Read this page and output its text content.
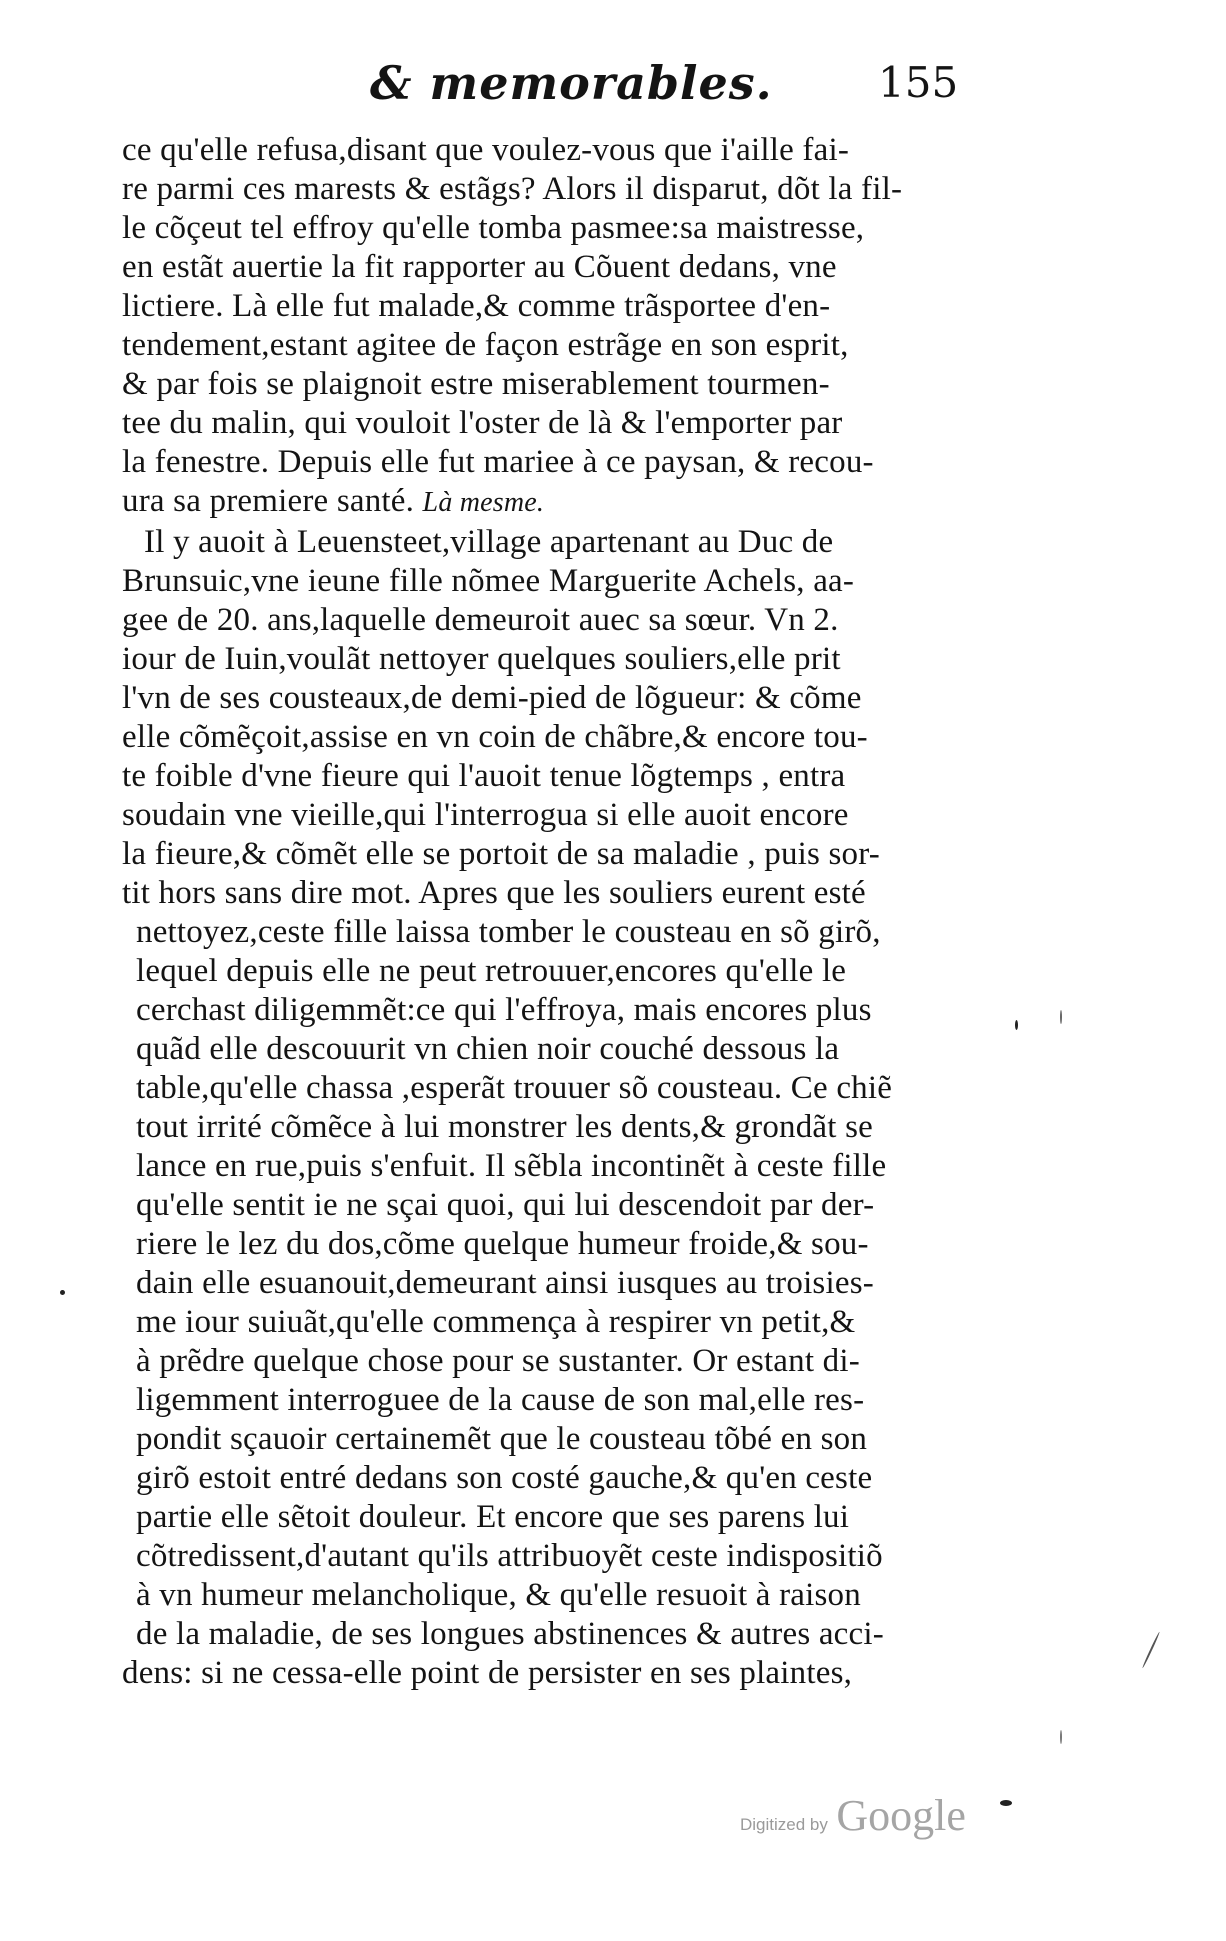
& memorables.	155
ce qu'elle refusa,disant que voulez-vous que i'aille fai-
re parmi ces marests & estãgs? Alors il disparut, dõt la fil-
le cõçeut tel effroy qu'elle tomba pasmee:sa maistresse,
en estãt auertie la fit rapporter au Cõuent dedans, vne
lictiere. Là elle fut malade,& comme trãsportee d'en-
tendement,estant agitee de façon estrãge en son esprit,
& par fois se plaignoit estre miserablement tourmen-
tee du malin, qui vouloit l'oster de là & l'emporter par
la fenestre. Depuis elle fut mariee à ce paysan, & recou-
ura sa premiere santé. Là mesme.
Il y auoit à Leuensteet,village apartenant au Duc de
Brunsuic,vne ieune fille nõmee Marguerite Achels, aa-
gee de 20. ans,laquelle demeuroit auec sa sœur. Vn 2.
iour de Iuin,voulãt nettoyer quelques souliers,elle prit
l'vn de ses cousteaux,de demi-pied de lõgueur: & cõme
elle cõmẽçoit,assise en vn coin de chãbre,& encore tou-
te foible d'vne fieure qui l'auoit tenue lõgtemps , entra
soudain vne vieille,qui l'interrogua si elle auoit encore
la fieure,& cõmẽt elle se portoit de sa maladie , puis sor-
tit hors sans dire mot. Apres que les souliers eurent esté
nettoyez,ceste fille laissa tomber le cousteau en sõ girõ,
lequel depuis elle ne peut retrouuer,encores qu'elle le
cerchast diligemmẽt:ce qui l'effroya, mais encores plus
quãd elle descouurit vn chien noir couché dessous la
table,qu'elle chassa ,esperãt trouuer sõ cousteau. Ce chiẽ
tout irrité cõmẽce à lui monstrer les dents,& grondãt se
lance en rue,puis s'enfuit. Il sẽbla incontinẽt à ceste fille
qu'elle sentit ie ne sçai quoi, qui lui descendoit par der-
riere le lez du dos,cõme quelque humeur froide,& sou-
dain elle esuanouit,demeurant ainsi iusques au troisies-
me iour suiuãt,qu'elle commença à respirer vn petit,&
à prẽdre quelque chose pour se sustanter. Or estant di-
ligemment interroguee de la cause de son mal,elle res-
pondit sçauoir certainemẽt que le cousteau tõbé en son
girõ estoit entré dedans son costé gauche,& qu'en ceste
partie elle sẽtoit douleur. Et encore que ses parens lui
cõtredissent,d'autant qu'ils attribuoyẽt ceste indispositiõ
à vn humeur melancholique, & qu'elle resuoit à raison
de la maladie, de ses longues abstinences & autres acci-
dens: si ne cessa-elle point de persister en ses plaintes,
Digitized by Google
